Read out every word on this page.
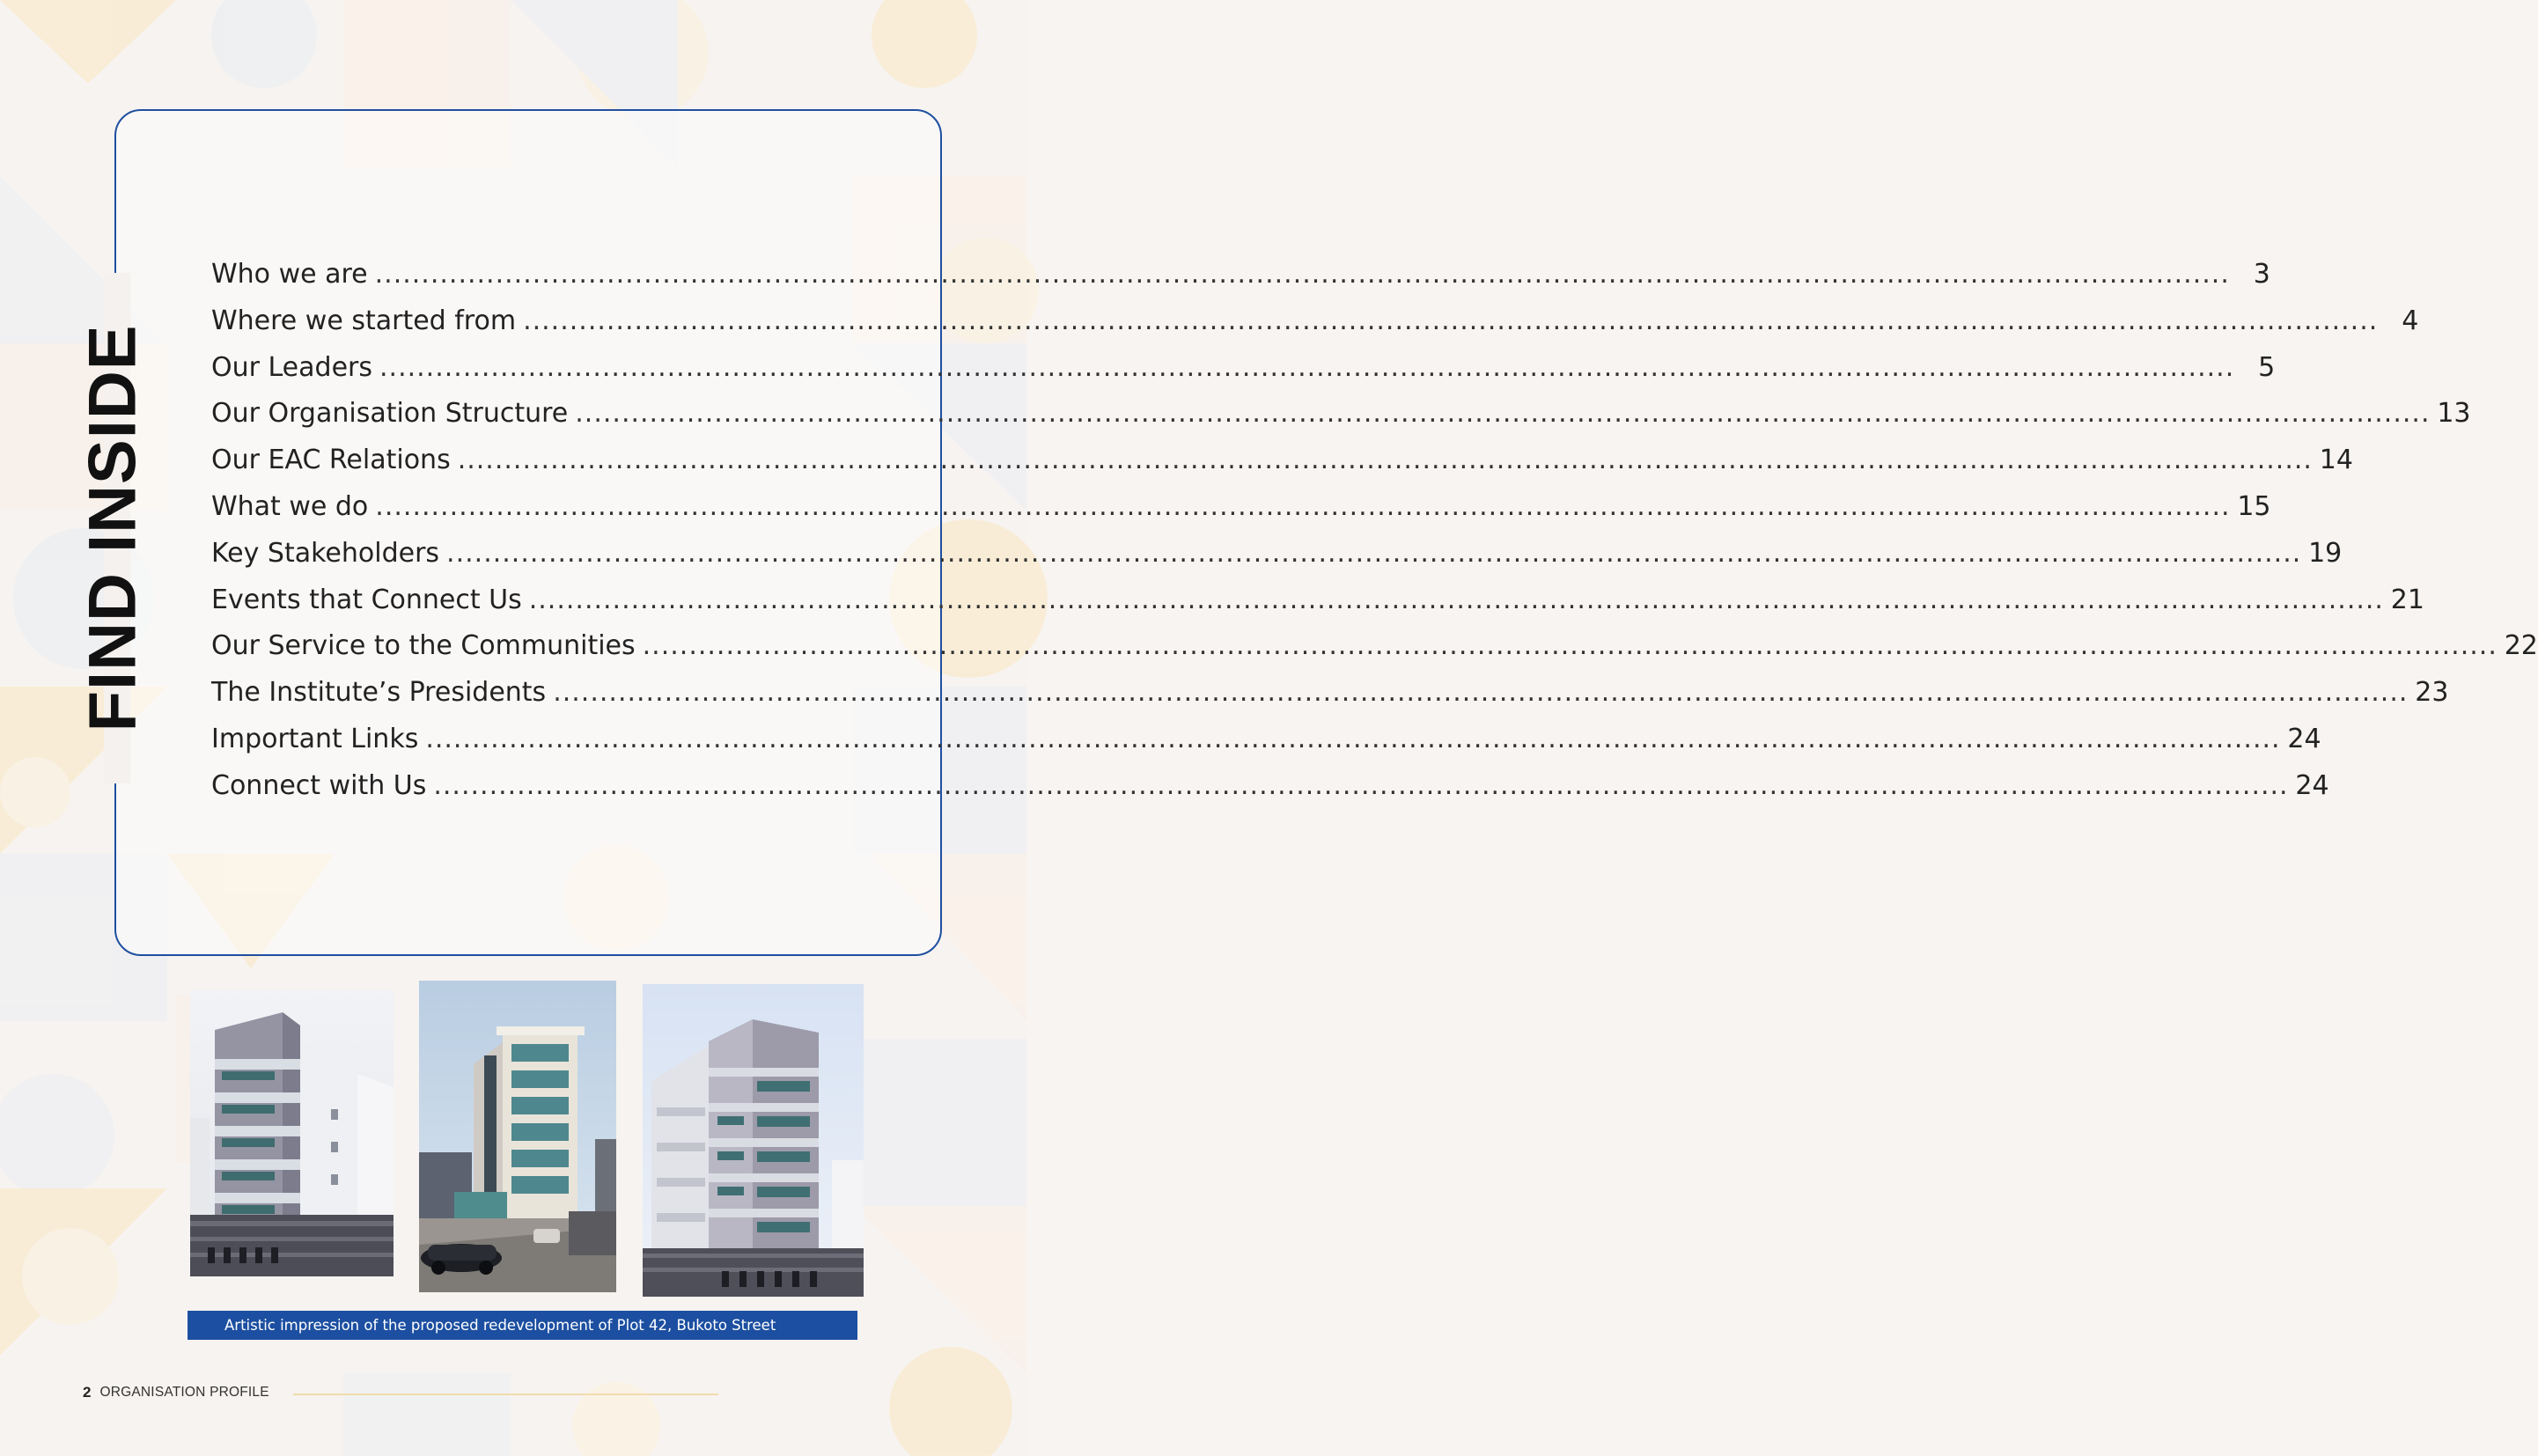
FIND INSIDE
Who we are ........................................................................................................................................................................................................ 3
Where we started from ........................................................................................................................................................................................................ 4
Our Leaders ........................................................................................................................................................................................................ 5
Our Organisation Structure ........................................................................................................................................................................................................ 13
Our EAC Relations ........................................................................................................................................................................................................ 14
What we do ........................................................................................................................................................................................................ 15
Key Stakeholders ........................................................................................................................................................................................................ 19
Events that Connect Us ........................................................................................................................................................................................................ 21
Our Service to the Communities ........................................................................................................................................................................................................ 22
The Institute’s Presidents ........................................................................................................................................................................................................ 23
Important Links ........................................................................................................................................................................................................ 24
Connect with Us ........................................................................................................................................................................................................ 24
Artistic impression of the proposed redevelopment of Plot 42, Bukoto Street
2 ORGANISATION PROFILE
